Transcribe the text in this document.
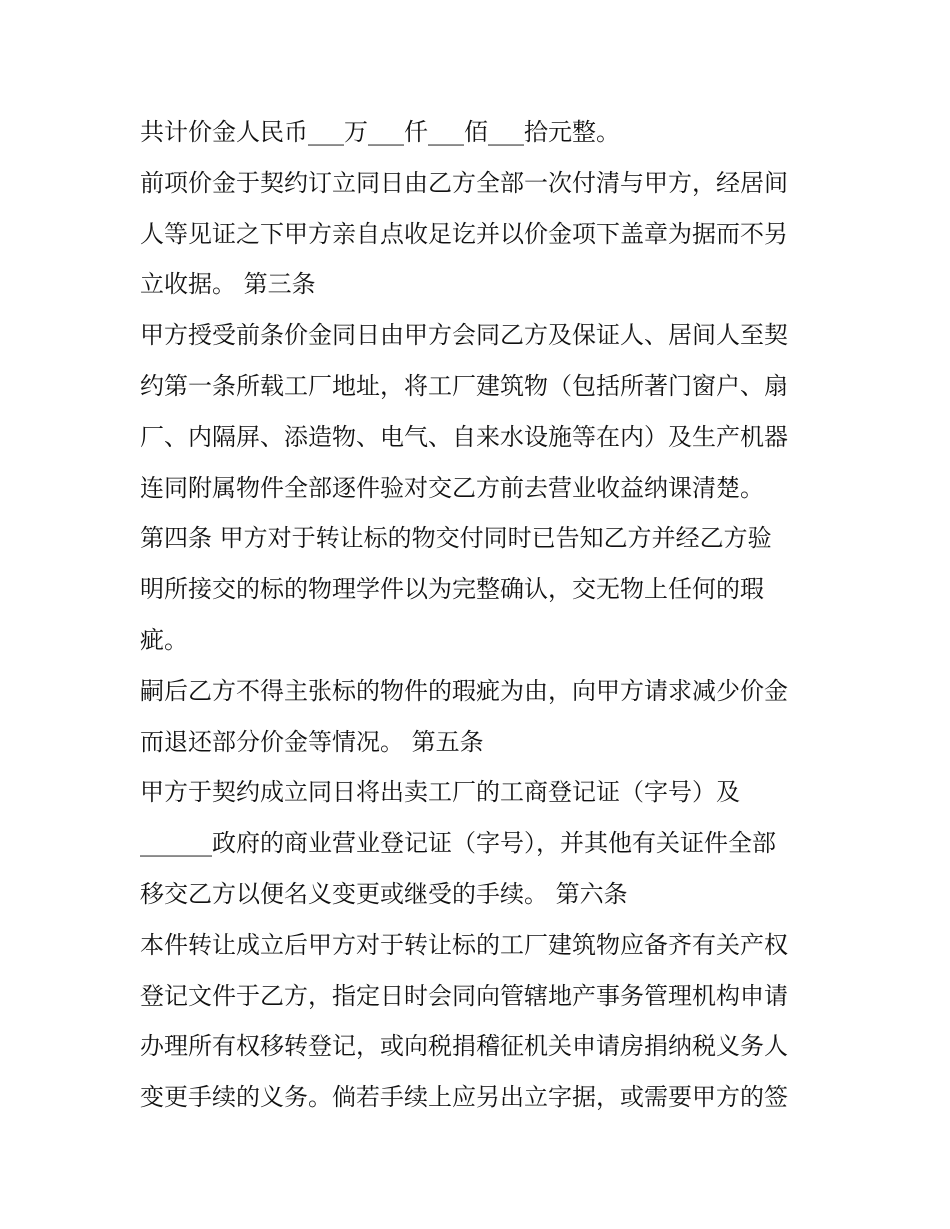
共计价金人民币___万___仟___佰___拾元整。
前项价金于契约订立同日由乙方全部一次付清与甲方，经居间
人等见证之下甲方亲自点收足讫并以价金项下盖章为据而不另
立收据。 第三条
甲方授受前条价金同日由甲方会同乙方及保证人、居间人至契
约第一条所载工厂地址，将工厂建筑物（包括所著门窗户、扇
厂、内隔屏、添造物、电气、自来水设施等在内）及生产机器
连同附属物件全部逐件验对交乙方前去营业收益纳课清楚。
第四条 甲方对于转让标的物交付同时已告知乙方并经乙方验
明所接交的标的物理学件以为完整确认，交无物上任何的瑕
疵。
嗣后乙方不得主张标的物件的瑕疵为由，向甲方请求减少价金
而退还部分价金等情况。 第五条
甲方于契约成立同日将出卖工厂的工商登记证（字号）及
______政府的商业营业登记证（字号），并其他有关证件全部
移交乙方以便名义变更或继受的手续。 第六条
本件转让成立后甲方对于转让标的工厂建筑物应备齐有关产权
登记文件于乙方，指定日时会同向管辖地产事务管理机构申请
办理所有权移转登记，或向税捐稽征机关申请房捐纳税义务人
变更手续的义务。倘若手续上应另出立字据，或需要甲方的签
